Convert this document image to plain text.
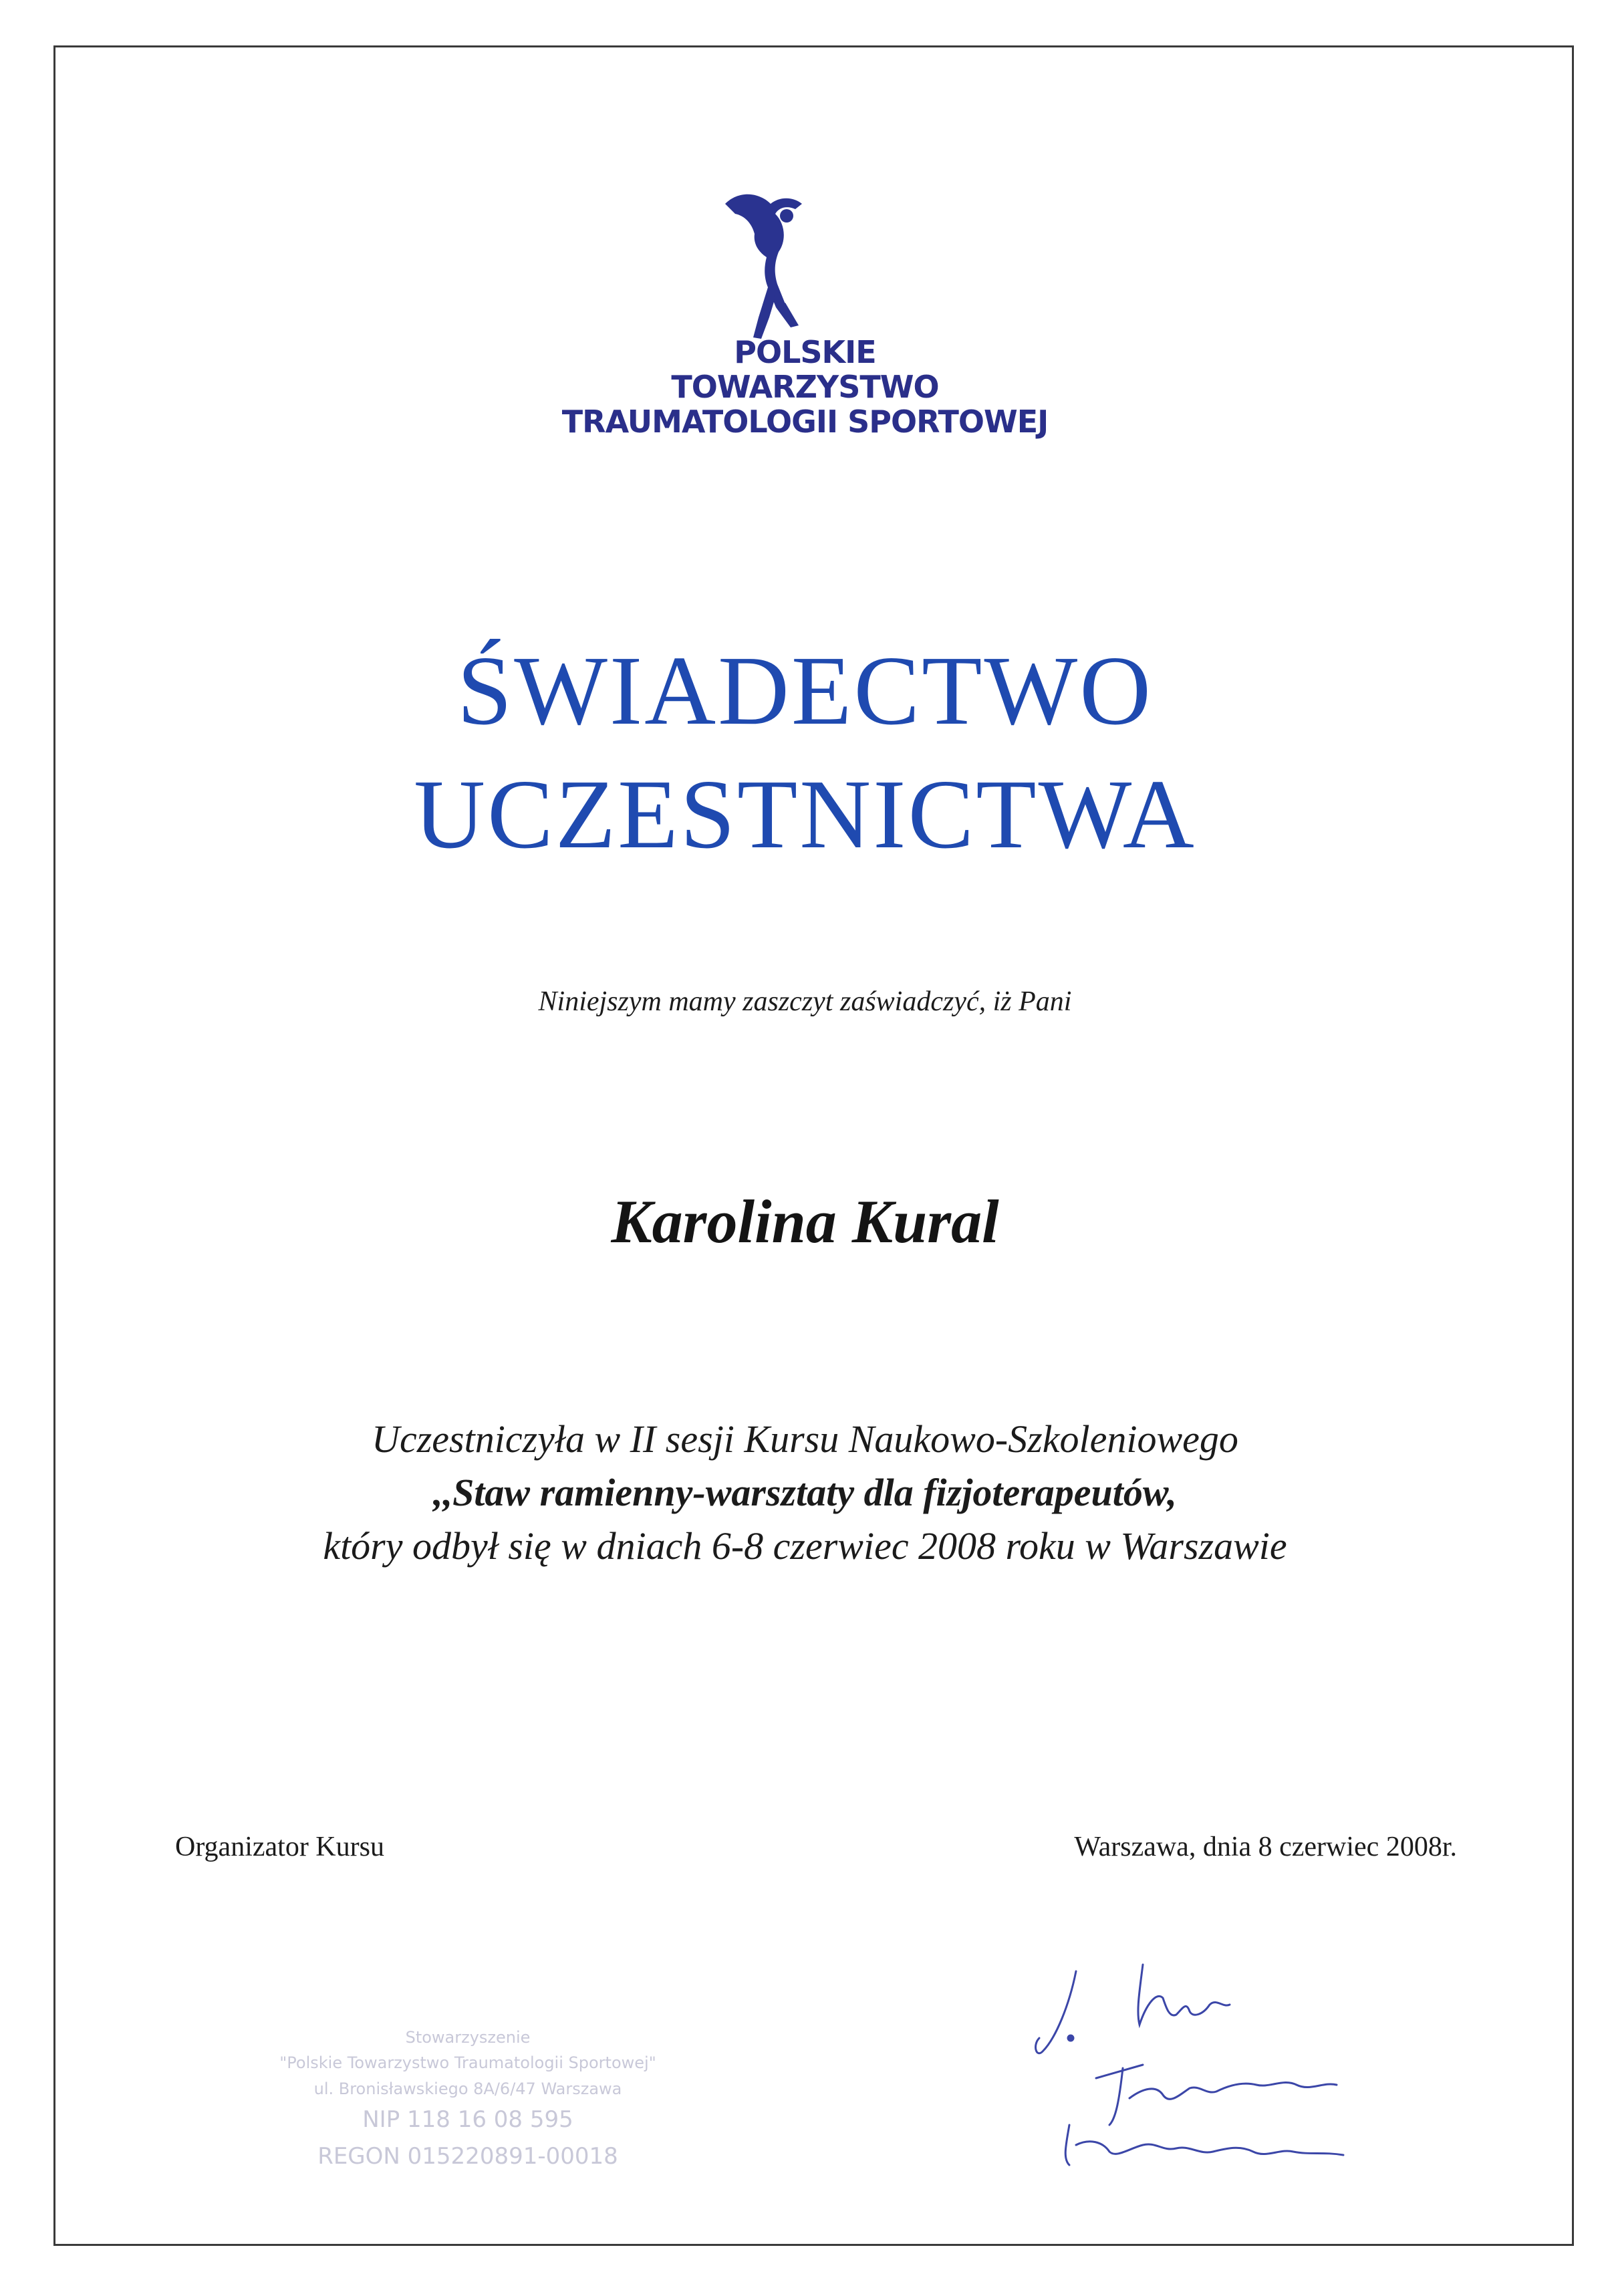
POLSKIE
TOWARZYSTWO
TRAUMATOLOGII SPORTOWEJ
ŚWIADECTWO
UCZESTNICTWA
Niniejszym mamy zaszczyt zaświadczyć, iż Pani
Karolina Kural
Uczestniczyła w II sesji Kursu Naukowo-Szkoleniowego
,,Staw ramienny-warsztaty dla fizjoterapeutów,
który odbył się w dniach 6-8 czerwiec 2008 roku w Warszawie
Organizator Kursu	Warszawa, dnia 8 czerwiec 2008r.
Stowarzyszenie
"Polskie Towarzystwo Traumatologii Sportowej"
ul. Bronisławskiego 8A/6/47 Warszawa
NIP 118 16 08 595
REGON 015220891-00018
